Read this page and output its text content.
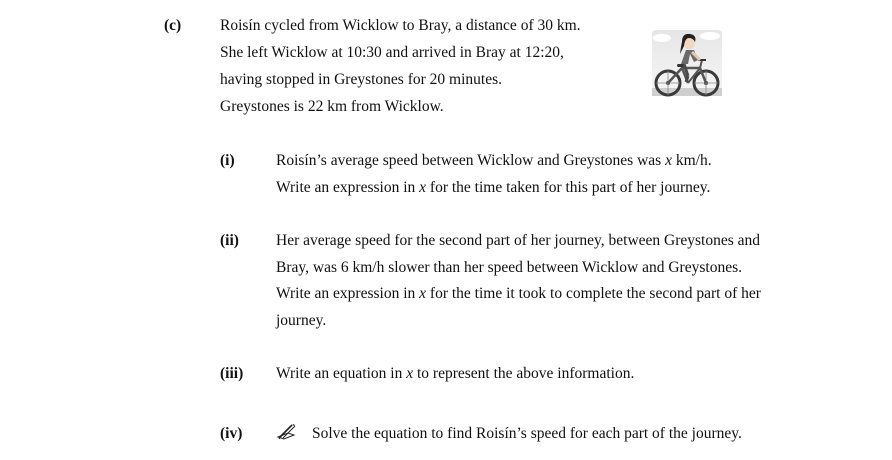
(c)	Roisín cycled from Wicklow to Bray, a distance of 30 km.
She left Wicklow at 10:30 and arrived in Bray at 12:20,
having stopped in Greystones for 20 minutes.
Greystones is 22 km from Wicklow.
(i)	Roisín’s average speed between Wicklow and Greystones was x km/h.
Write an expression in x for the time taken for this part of her journey.
(ii) Her average speed for the second part of her journey, between Greystones and
Bray, was 6 km/h slower than her speed between Wicklow and Greystones.
Write an expression in x for the time it took to complete the second part of her
journey.
(iii) Write an equation in x to represent the above information.
(iv)	Solve the equation to find Roisín’s speed for each part of the journey.
